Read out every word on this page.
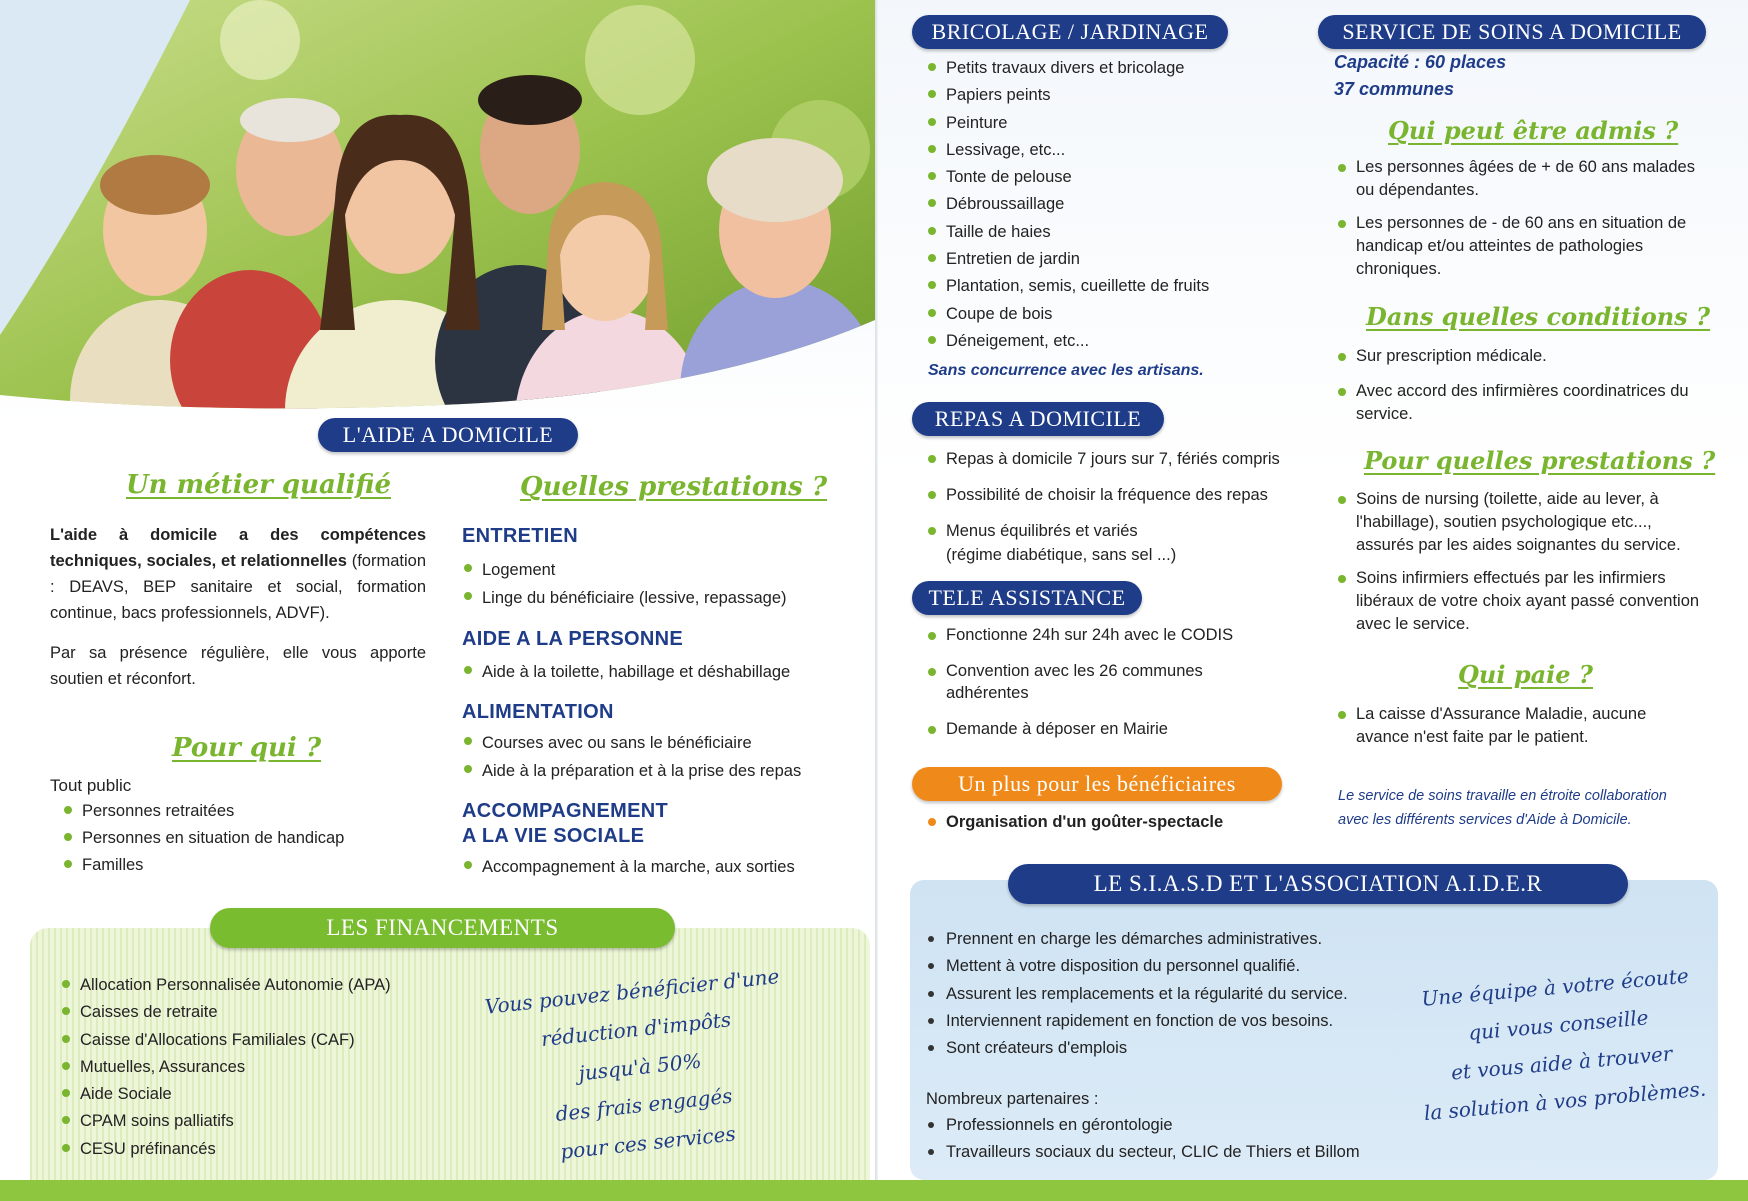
L'AIDE A DOMICILE
Un métier qualifié
L'aide à domicile a des compétences techniques, sociales, et relationnelles (formation : DEAVS, BEP sanitaire et social, formation continue, bacs professionnels, ADVF).
Par sa présence régulière, elle vous apporte soutien et réconfort.
Pour qui ?
Tout public
Personnes retraitées
Personnes en situation de handicap
Familles
Quelles prestations ?
ENTRETIEN
Logement
Linge du bénéficiaire (lessive, repassage)
AIDE A LA PERSONNE
Aide à la toilette, habillage et déshabillage
ALIMENTATION
Courses avec ou sans le bénéficiaire
Aide à la préparation et à la prise des repas
ACCOMPAGNEMENT
A LA VIE SOCIALE
Accompagnement à la marche, aux sorties
LES FINANCEMENTS
Allocation Personnalisée Autonomie (APA)
Caisses de retraite
Caisse d'Allocations Familiales (CAF)
Mutuelles, Assurances
Aide Sociale
CPAM soins palliatifs
CESU préfinancés
Vous pouvez bénéficier d'une
réduction d'impôts
jusqu'à 50%
des frais engagés
pour ces services
BRICOLAGE / JARDINAGE
Petits travaux divers et bricolage
Papiers peints
Peinture
Lessivage, etc...
Tonte de pelouse
Débroussaillage
Taille de haies
Entretien de jardin
Plantation, semis, cueillette de fruits
Coupe de bois
Déneigement, etc...
Sans concurrence avec les artisans.
REPAS A DOMICILE
Repas à domicile 7 jours sur 7, fériés compris
Possibilité de choisir la fréquence des repas
Menus équilibrés et variés
(régime diabétique, sans sel ...)
TELE ASSISTANCE
Fonctionne 24h sur 24h avec le CODIS
Convention avec les 26 communes
adhérentes
Demande à déposer en Mairie
Un plus pour les bénéficiaires
Organisation d'un goûter-spectacle
SERVICE DE SOINS A DOMICILE
Capacité : 60 places
37 communes
Qui peut être admis ?
Les personnes âgées de + de 60 ans malades ou dépendantes.
Les personnes de - de 60 ans en situation de handicap et/ou atteintes de pathologies chroniques.
Dans quelles conditions ?
Sur prescription médicale.
Avec accord des infirmières coordinatrices du service.
Pour quelles prestations ?
Soins de nursing (toilette, aide au lever, à l'habillage), soutien psychologique etc..., assurés par les aides soignantes du service.
Soins infirmiers effectués par les infirmiers libéraux de votre choix ayant passé convention avec le service.
Qui paie ?
La caisse d'Assurance Maladie, aucune avance n'est faite par le patient.
Le service de soins travaille en étroite collaboration
avec les différents services d'Aide à Domicile.
LE S.I.A.S.D ET L'ASSOCIATION A.I.D.E.R
Prennent en charge les démarches administratives.
Mettent à votre disposition du personnel qualifié.
Assurent les remplacements et la régularité du service.
Interviennent rapidement en fonction de vos besoins.
Sont créateurs d'emplois
Nombreux partenaires :
Professionnels en gérontologie
Travailleurs sociaux du secteur, CLIC de Thiers et Billom
Une équipe à votre écoute
qui vous conseille
et vous aide à trouver
la solution à vos problèmes.
